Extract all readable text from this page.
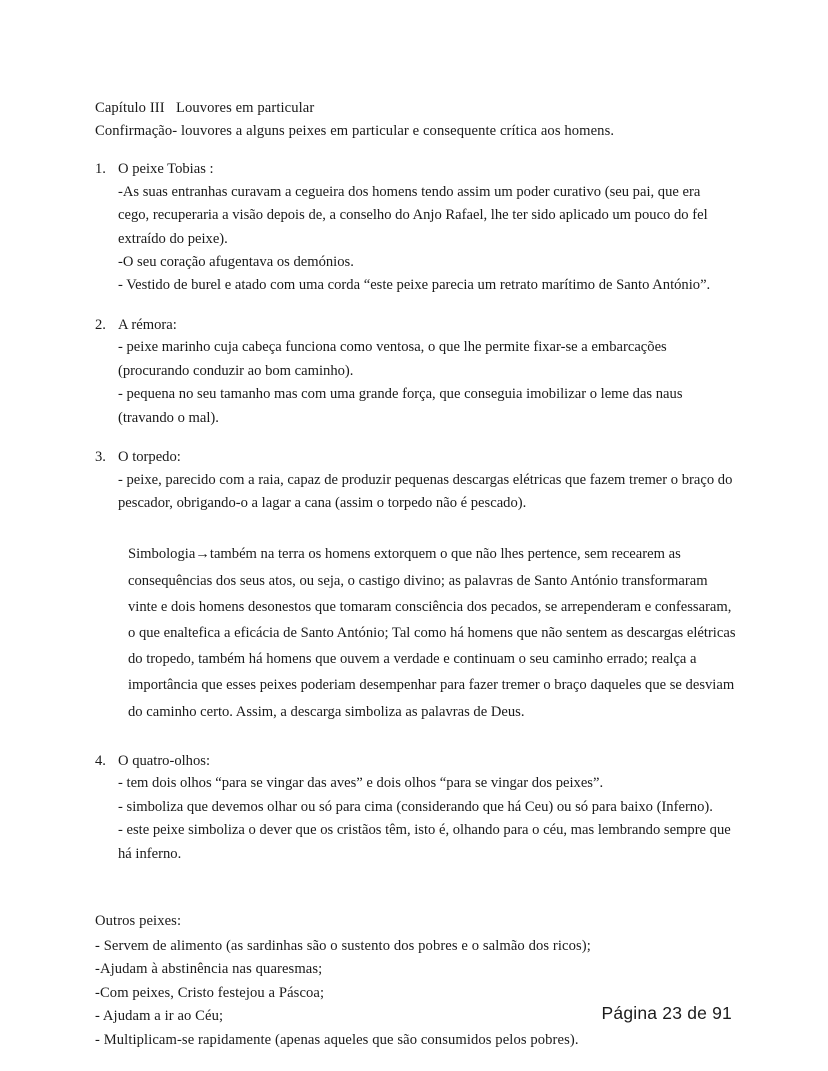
Capítulo III   Louvores em particular

Confirmação- louvores a alguns peixes em particular e consequente crítica aos homens.

1. O peixe Tobias :

-As suas entranhas curavam a cegueira dos homens tendo assim um poder curativo (seu pai, que era cego, recuperaria a visão depois de, a conselho do Anjo Rafael, lhe ter sido aplicado um pouco do fel extraído do peixe).

-O seu coração afugentava os demónios.

- Vestido de burel e atado com uma corda “este peixe parecia um retrato marítimo de Santo António”.

2. A rémora:

- peixe marinho cuja cabeça funciona como ventosa, o que lhe permite fixar-se a embarcações (procurando conduzir ao bom caminho).

- pequena no seu tamanho mas com uma grande força, que conseguia imobilizar o leme das naus (travando o mal).

3. O torpedo:

- peixe, parecido com a raia, capaz de produzir pequenas descargas elétricas que fazem tremer o braço do pescador, obrigando-o a lagar a cana (assim o torpedo não é pescado).

Simbologia→também na terra os homens extorquem o que não lhes pertence, sem recearem as consequências dos seus atos, ou seja, o castigo divino; as palavras de Santo António transformaram vinte e dois homens desonestos que tomaram consciência dos pecados, se arrependeram e confessaram, o que enaltefica a eficácia de Santo António; Tal como há homens que não sentem as descargas elétricas do tropedo, também há homens que ouvem a verdade e continuam o seu caminho errado; realça a importância que esses peixes poderiam desempenhar para fazer tremer o braço daqueles que se desviam do caminho certo. Assim, a descarga simboliza as palavras de Deus.

4. O quatro-olhos:

- tem dois olhos “para se vingar das aves” e dois olhos “para se vingar dos peixes”.

- simboliza que devemos olhar ou só para cima (considerando que há Ceu) ou só para baixo (Inferno).

- este peixe simboliza o dever que os cristãos têm, isto é, olhando para o céu, mas lembrando sempre que há inferno.

Outros peixes:

- Servem de alimento (as sardinhas são o sustento dos pobres e o salmão dos ricos);

-Ajudam à abstinência nas quaresmas;

-Com peixes, Cristo festejou a Páscoa;

- Ajudam a ir ao Céu;

- Multiplicam-se rapidamente (apenas aqueles que são consumidos pelos pobres).

Página 23 de 91
